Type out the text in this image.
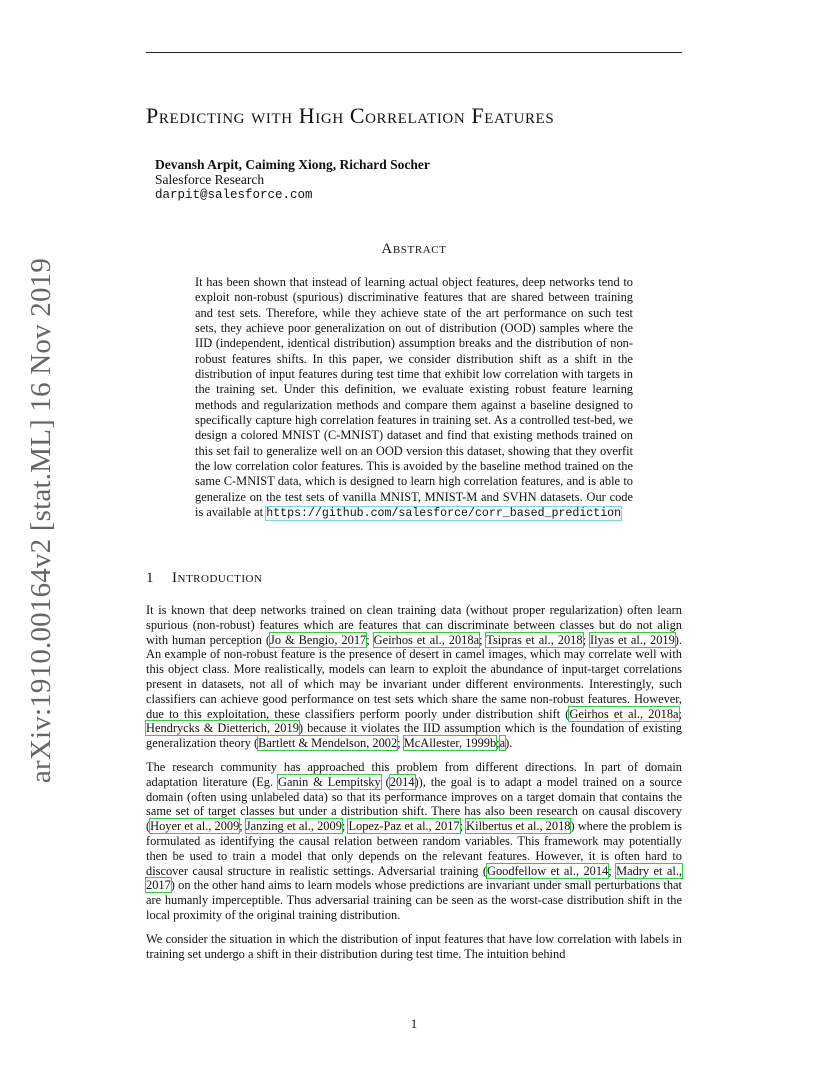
arXiv:1910.00164v2 [stat.ML] 16 Nov 2019
Predicting with High Correlation Features
Devansh Arpit, Caiming Xiong, Richard Socher
Salesforce Research
darpit@salesforce.com
Abstract
It has been shown that instead of learning actual object features, deep networks tend to exploit non-robust (spurious) discriminative features that are shared between training and test sets. Therefore, while they achieve state of the art performance on such test sets, they achieve poor generalization on out of distribution (OOD) samples where the IID (independent, identical distribution) assumption breaks and the distribution of non-robust features shifts. In this paper, we consider distribution shift as a shift in the distribution of input features during test time that exhibit low correlation with targets in the training set. Under this definition, we evaluate existing robust feature learning methods and regularization methods and compare them against a baseline designed to specifically capture high correlation features in training set. As a controlled test-bed, we design a colored MNIST (C-MNIST) dataset and find that existing methods trained on this set fail to generalize well on an OOD version this dataset, showing that they overfit the low correlation color features. This is avoided by the baseline method trained on the same C-MNIST data, which is designed to learn high correlation features, and is able to generalize on the test sets of vanilla MNIST, MNIST-M and SVHN datasets. Our code is available at https://github.com/salesforce/corr_based_prediction
1 Introduction

It is known that deep networks trained on clean training data (without proper regularization) often learn spurious (non-robust) features which are features that can discriminate between classes but do not align with human perception (Jo & Bengio, 2017; Geirhos et al., 2018a; Tsipras et al., 2018; Ilyas et al., 2019). An example of non-robust feature is the presence of desert in camel images, which may correlate well with this object class. More realistically, models can learn to exploit the abundance of input-target correlations present in datasets, not all of which may be invariant under different environments. Interestingly, such classifiers can achieve good performance on test sets which share the same non-robust features. However, due to this exploitation, these classifiers perform poorly under distribution shift (Geirhos et al., 2018a; Hendrycks & Dietterich, 2019) because it violates the IID assumption which is the foundation of existing generalization theory (Bartlett & Mendelson, 2002; McAllester, 1999b;a).

The research community has approached this problem from different directions. In part of domain adaptation literature (Eg. Ganin & Lempitsky (2014)), the goal is to adapt a model trained on a source domain (often using unlabeled data) so that its performance improves on a target domain that contains the same set of target classes but under a distribution shift. There has also been research on causal discovery (Hoyer et al., 2009; Janzing et al., 2009; Lopez-Paz et al., 2017; Kilbertus et al., 2018) where the problem is formulated as identifying the causal relation between random variables. This framework may potentially then be used to train a model that only depends on the relevant features. However, it is often hard to discover causal structure in realistic settings. Adversarial training (Goodfellow et al., 2014; Madry et al., 2017) on the other hand aims to learn models whose predictions are invariant under small perturbations that are humanly imperceptible. Thus adversarial training can be seen as the worst-case distribution shift in the local proximity of the original training distribution.

We consider the situation in which the distribution of input features that have low correlation with labels in training set undergo a shift in their distribution during test time. The intuition behind

1
